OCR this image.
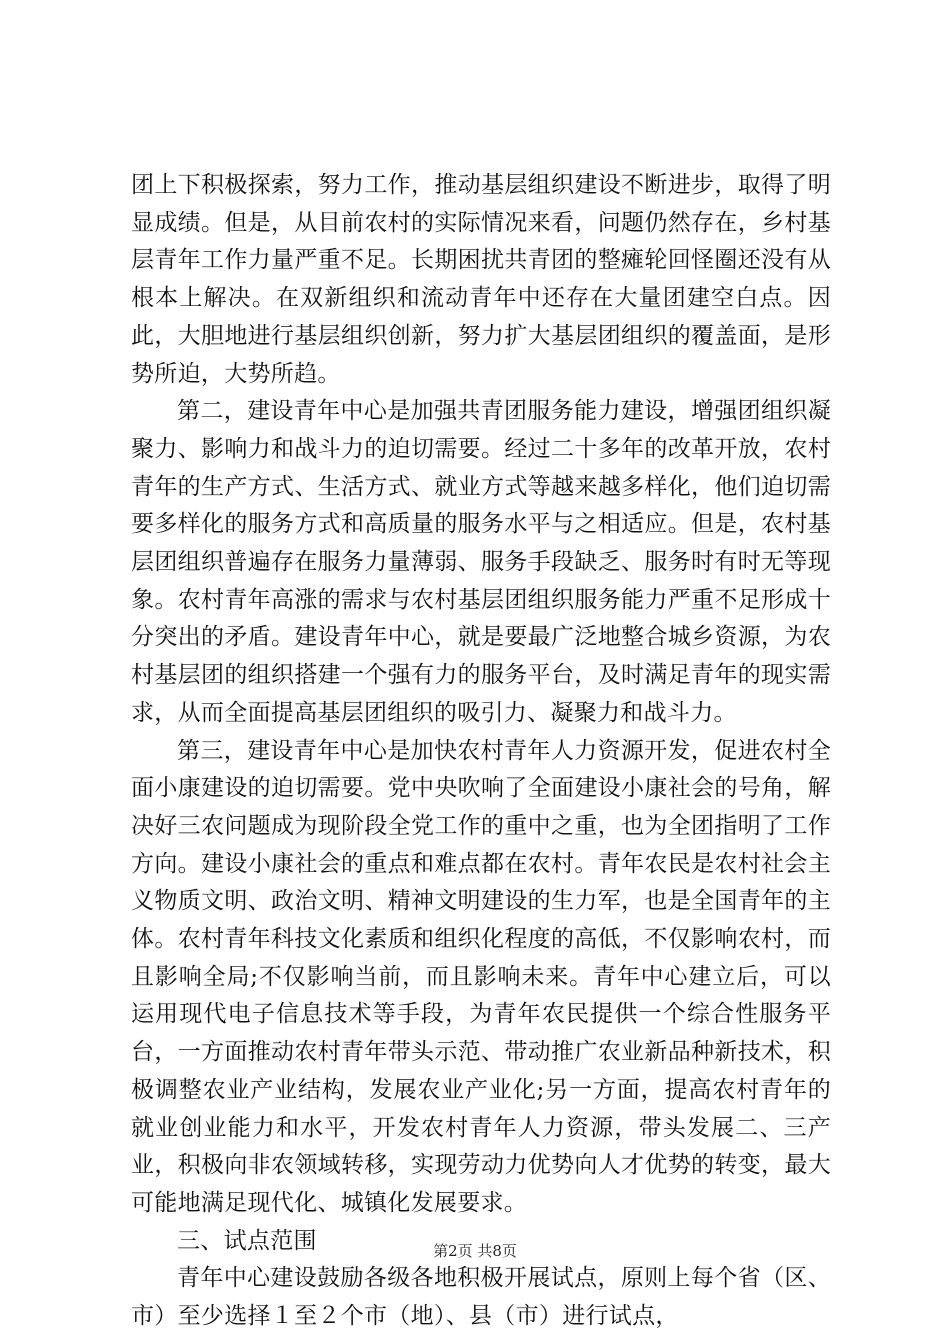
团上下积极探索，努力工作，推动基层组织建设不断进步，取得了明显成绩。但是，从目前农村的实际情况来看，问题仍然存在，乡村基层青年工作力量严重不足。长期困扰共青团的整瘫轮回怪圈还没有从根本上解决。在双新组织和流动青年中还存在大量团建空白点。因此，大胆地进行基层组织创新，努力扩大基层团组织的覆盖面，是形势所迫，大势所趋。

第二，建设青年中心是加强共青团服务能力建设，增强团组织凝聚力、影响力和战斗力的迫切需要。经过二十多年的改革开放，农村青年的生产方式、生活方式、就业方式等越来越多样化，他们迫切需要多样化的服务方式和高质量的服务水平与之相适应。但是，农村基层团组织普遍存在服务力量薄弱、服务手段缺乏、服务时有时无等现象。农村青年高涨的需求与农村基层团组织服务能力严重不足形成十分突出的矛盾。建设青年中心，就是要最广泛地整合城乡资源，为农村基层团的组织搭建一个强有力的服务平台，及时满足青年的现实需求，从而全面提高基层团组织的吸引力、凝聚力和战斗力。

第三，建设青年中心是加快农村青年人力资源开发，促进农村全面小康建设的迫切需要。党中央吹响了全面建设小康社会的号角，解决好三农问题成为现阶段全党工作的重中之重，也为全团指明了工作方向。建设小康社会的重点和难点都在农村。青年农民是农村社会主义物质文明、政治文明、精神文明建设的生力军，也是全国青年的主体。农村青年科技文化素质和组织化程度的高低，不仅影响农村，而且影响全局;不仅影响当前，而且影响未来。青年中心建立后，可以运用现代电子信息技术等手段，为青年农民提供一个综合性服务平台，一方面推动农村青年带头示范、带动推广农业新品种新技术，积极调整农业产业结构，发展农业产业化;另一方面，提高农村青年的就业创业能力和水平，开发农村青年人力资源，带头发展二、三产业，积极向非农领域转移，实现劳动力优势向人才优势的转变，最大可能地满足现代化、城镇化发展要求。

三、试点范围

青年中心建设鼓励各级各地积极开展试点，原则上每个省（区、市）至少选择１至２个市（地）、县（市）进行试点，

第2页 共8页
